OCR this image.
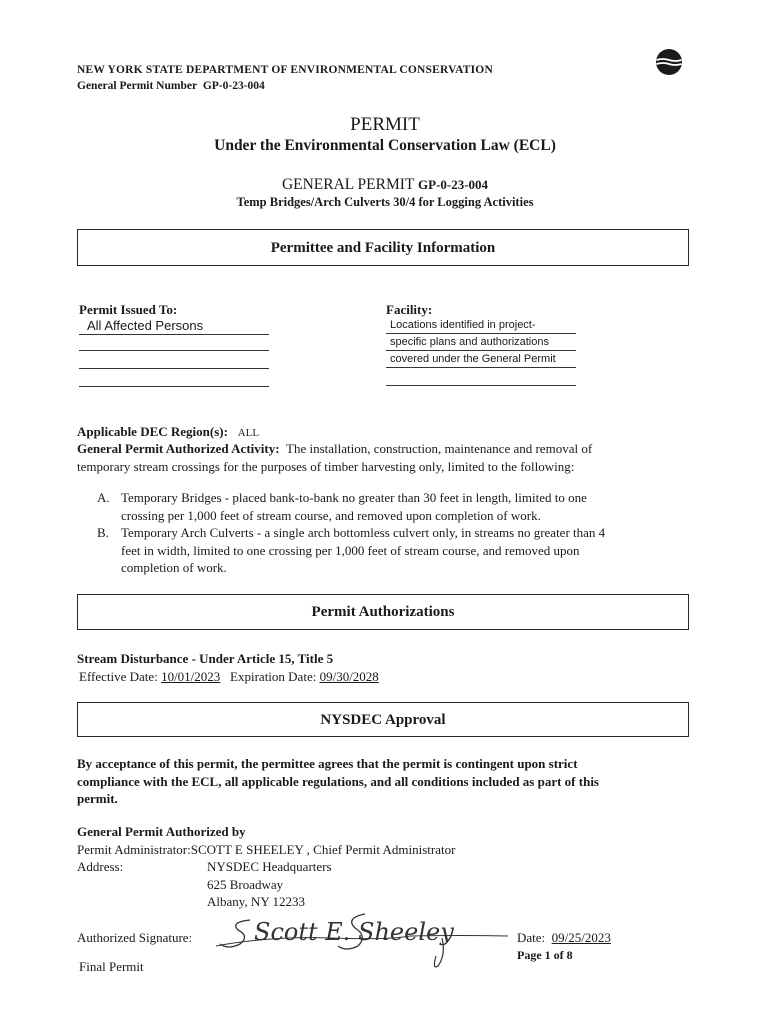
NEW YORK STATE DEPARTMENT OF ENVIRONMENTAL CONSERVATION
General Permit Number GP-0-23-004
PERMIT
Under the Environmental Conservation Law (ECL)
GENERAL PERMIT GP-0-23-004
Temp Bridges/Arch Culverts 30/4 for Logging Activities
Permittee and Facility Information
Permit Issued To:
All Affected Persons
Facility:
Locations identified in project-
specific plans and authorizations
covered under the General Permit
Applicable DEC Region(s): ALL
General Permit Authorized Activity: The installation, construction, maintenance and removal of
temporary stream crossings for the purposes of timber harvesting only, limited to the following:
A. Temporary Bridges - placed bank-to-bank no greater than 30 feet in length, limited to one
crossing per 1,000 feet of stream course, and removed upon completion of work.
B. Temporary Arch Culverts - a single arch bottomless culvert only, in streams no greater than 4
feet in width, limited to one crossing per 1,000 feet of stream course, and removed upon
completion of work.
Permit Authorizations
Stream Disturbance - Under Article 15, Title 5
Effective Date: 10/01/2023 Expiration Date: 09/30/2028
NYSDEC Approval
By acceptance of this permit, the permittee agrees that the permit is contingent upon strict
compliance with the ECL, all applicable regulations, and all conditions included as part of this
permit.
General Permit Authorized by
Permit Administrator:SCOTT E SHEELEY , Chief Permit Administrator
Address:	NYSDEC Headquarters
625 Broadway
Albany, NY 12233
Authorized Signature:	Scott E. Sheeley	Date: 09/25/2023
Page 1 of 8
Final Permit
